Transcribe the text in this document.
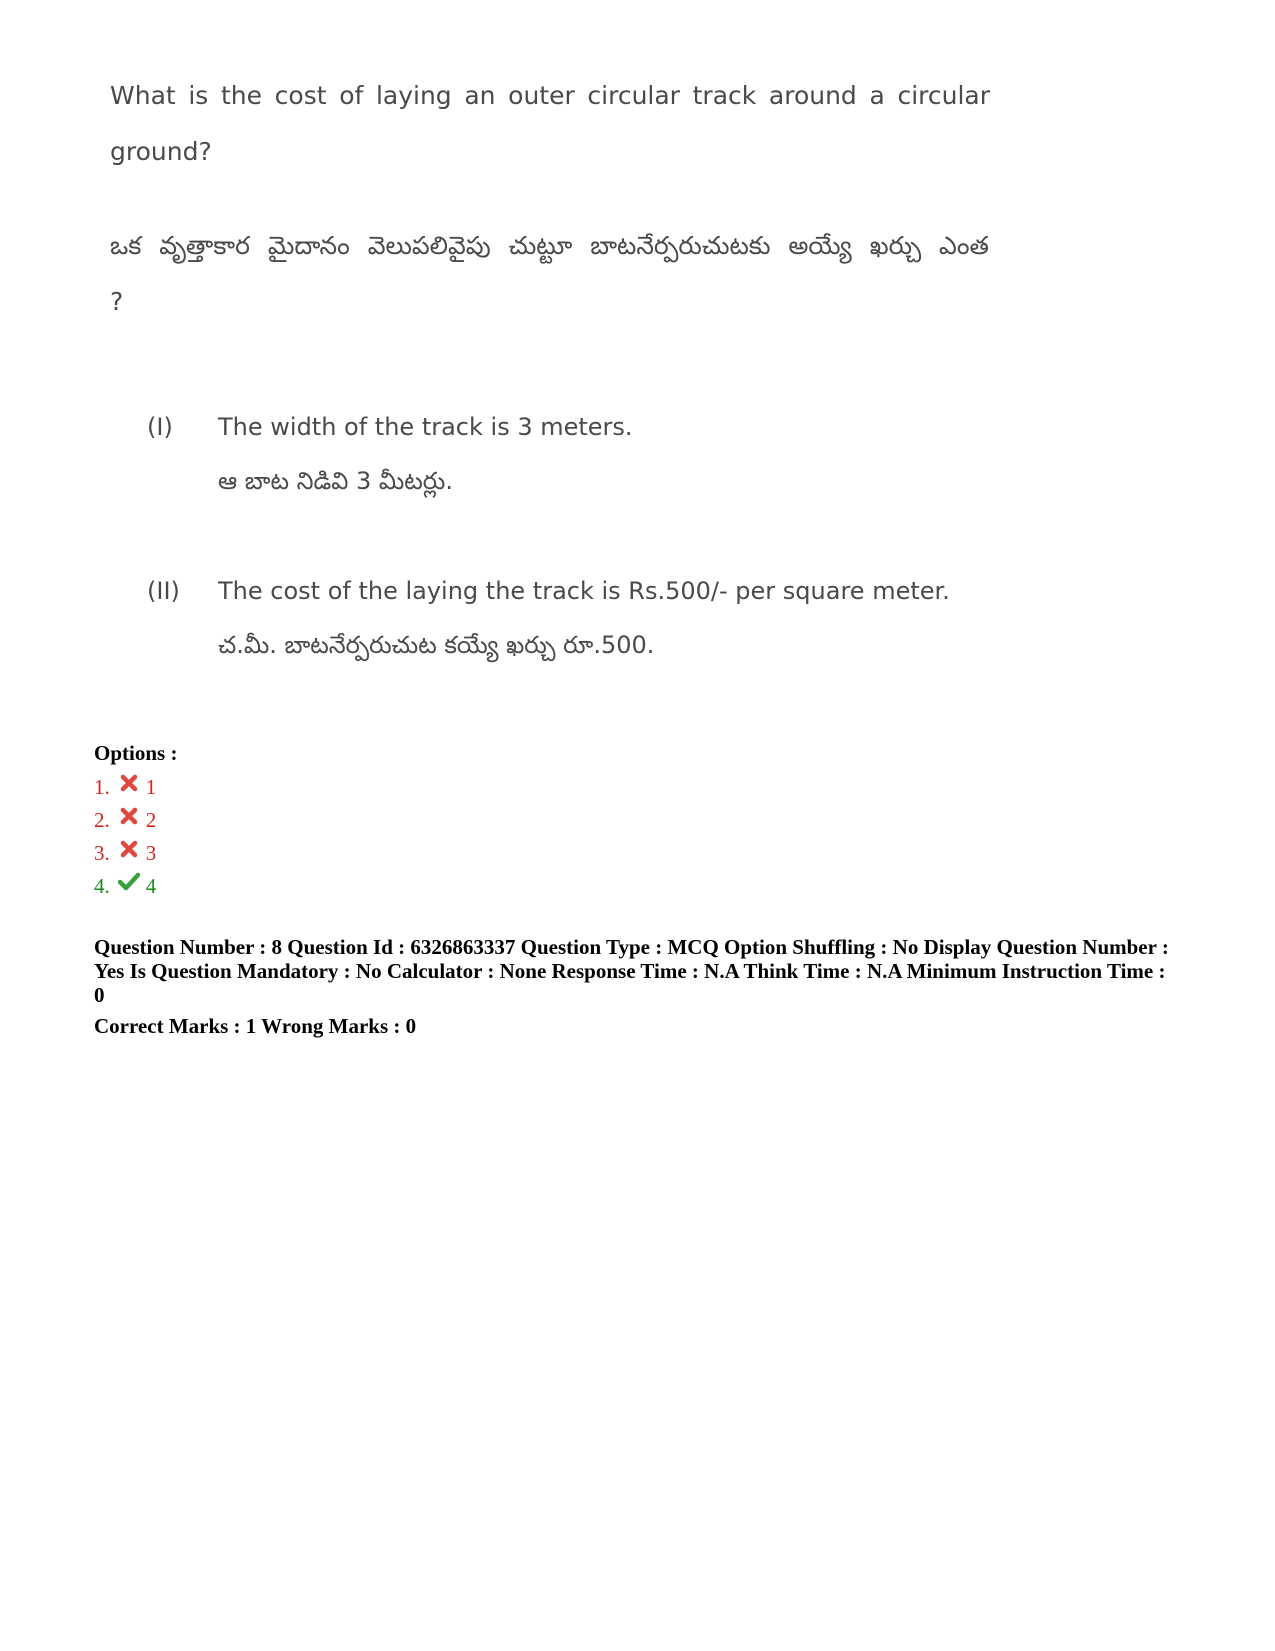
What is the cost of laying an outer circular track around a circular ground?

ఒక వృత్తాకార మైదానం వెలుపలివైపు చుట్టూ బాటనేర్పరుచుటకు అయ్యే ఖర్చు ఎంత ?

(I) The width of the track is 3 meters.
ఆ బాట నిడివి 3 మీటర్లు.
(II) The cost of the laying the track is Rs.500/- per square meter.
చ.మీ. బాటనేర్పరుచుట కయ్యే ఖర్చు రూ.500.
Options :
1. 1
2. 2
3. 3
4. 4
Question Number : 8 Question Id : 6326863337 Question Type : MCQ Option Shuffling : No Display Question Number : Yes Is Question Mandatory : No Calculator : None Response Time : N.A Think Time : N.A Minimum Instruction Time : 0
Correct Marks : 1 Wrong Marks : 0
